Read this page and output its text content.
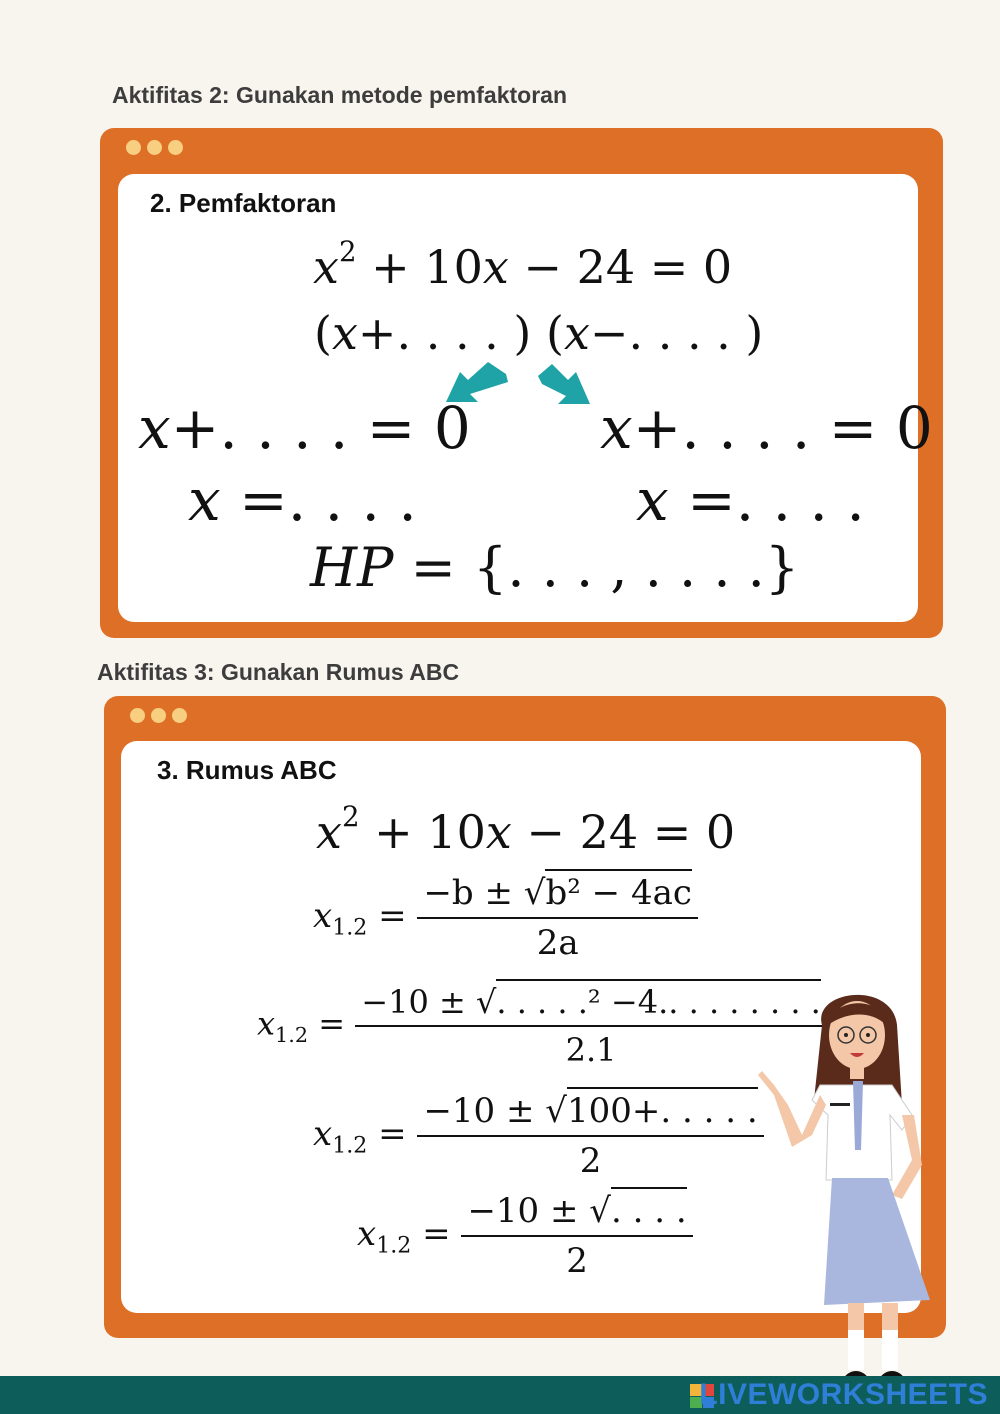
Aktifitas 2: Gunakan metode pemfaktoran
2. Pemfaktoran
$x^2 + 10x - 24 = 0$
(x+. . . . ) (x−. . . . )
x+. . . . = 0 x+. . . . = 0
x =. . . .	x =. . . .
HP = {. . . , . . . .}
Aktifitas 3: Gunakan Rumus ABC
3. Rumus ABC
$x^2 + 10x - 24 = 0$
$x_{1.2} = \frac{\text{−b ± √b² − 4ac}}{2a}$
$x_{1.2} = \frac{\text{−10 ± √. . . . .² −4.. . . . . . . .}}{2.1}$
$x_{1.2} = \frac{-10 \pm √100+. . . . .}{2}$
$x_{1.2} = \frac{-10 \pm √. . . .}{2}$
LIVEWORKSHEETS
